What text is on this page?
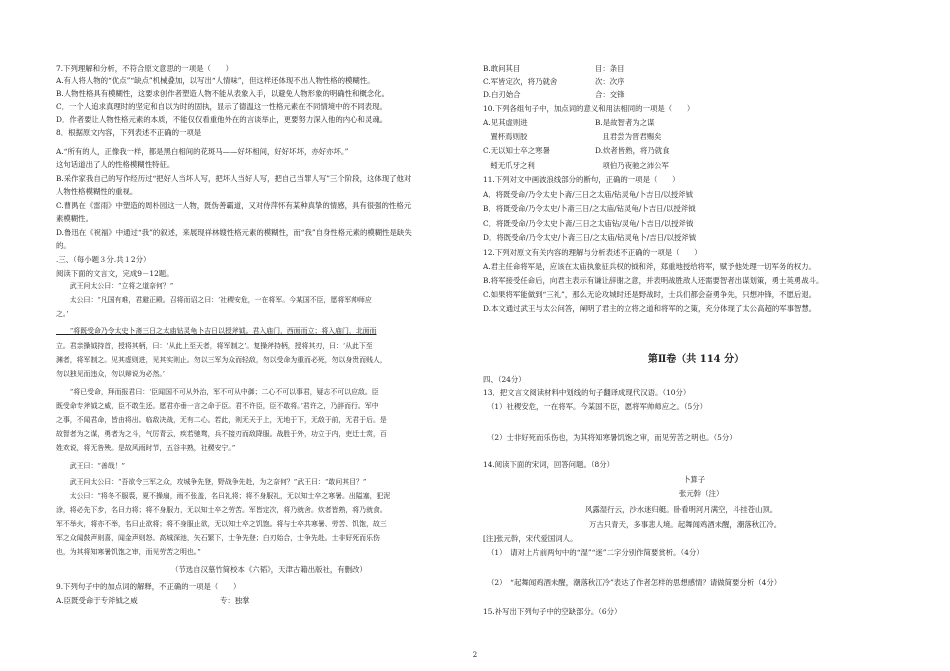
7.下列理解和分析，不符合原文意思的一项是（　　）
A.有人将人物的“优点”“缺点”机械叠加，以写出“人情味”，但这样还体现不出人物性格的模糊性。
B.人物性格具有模糊性，这要求创作者塑造人物不能从表象入手，以避免人物形象的明确性和概念化。
C．一个人追求真理时的坚定和自以为时的固执，显示了德温这一性格元素在不同情境中的不同表现。
D．作者要让人物性格元素的本质，不能仅仅看重他外在的言谈举止，更要努力深入他的内心和灵魂。
8．根据原文内容，下列表述不正确的一项是
A.“所有的人，正像我一样，都是黑白相间的花斑马——好坏相间，好好坏坏，亦好亦坏。”
这句话道出了人的性格模糊性特征。
B.采作家我自己的写作经历过“把好人当坏人写，把坏人当好人写，把自己当罪人写”三个阶段，这体现了他对
人物性格模糊性的重视。
C.曹禺在《雷雨》中塑造的周朴园这一人物，既伪善霸道，又对侍萍怀有某种真挚的情感，具有很强的性格元
素模糊性。
D.鲁迅在《祝福》中通过“我”的叙述，来展现祥林嫂性格元素的模糊性，而“我”自身性格元素的模糊性是缺失
的。
.三、（每小题３分.共１2分）
阅读下面的文言文，完成9－12题。
　　武王问太公曰：“立将之道奈何？”
　　太公曰：“凡国有难，君避正殿。召将而诏之曰：‘社稷安危，一在将军。今某国不臣，愿将军帅师应
之。’
　　“将既受命乃令太史卜斋三日之太庙钻灵龟卜吉日以授斧钺。君入庙门，西面而立；将入庙门，北面而
立。君亲操钺持首，授将其柄，曰：‘从此上至天者，将军制之’。复操斧持柄，授将其刃，曰：‘从此下至
渊者，将军制之。见其虚则进，见其实则止。勿以三军为众而轻敌，勿以受命为重而必死，勿以身贵而贱人，
勿以独见而违众，勿以辩说为必然。’
　　“将已受命，拜而报君曰：‘臣闻国不可从外治，军不可从中御；二心不可以事君，疑志不可以应敌。臣
既受命专斧钺之威，臣不敢生还。愿君亦垂一言之命于臣。君不许臣，臣不敢将。’君许之，乃辞而行。军中
之事，不闻君命，皆由将出。临敌决战，无有二心。若此，则无天于上，无地于下，无敌于前，无君于后。是
故智者为之谋，勇者为之斗，气厉青云，疾若驰骛，兵不接刃而敌降服。战胜于外，功立于内，吏迁士赏，百
姓欢说，将无咎殃。是故风雨时节，五谷丰熟，社稷安宁。”
　　武王曰：“善哉！”
　　武王问太公曰：“吾欲令三军之众，攻城争先登，野战争先赴，为之奈何？”武王曰：“敢问其目？”
　　太公曰：“将冬不服裘，夏不操扇，雨不张盖，名曰礼将；将不身服礼，无以知士卒之寒暑。出隘塞，犯泥
涂，将必先下步，名曰力将；将不身服力，无以知士卒之劳苦。军皆定次，将乃就舍。炊者皆熟，将乃就食。
军不举火，将亦不举，名曰止欲将；将不身服止欲，无以知士卒之饥饱。将与士卒共寒暑、劳苦、饥饱，故三
军之众闻鼓声则喜，闻金声则怒。高城深池，矢石繁下，士争先登；白刃始合，士争先赴。士非好死而乐伤
也，为其将知寒暑饥饱之审，而见劳苦之明也。”
（节选自汉墓竹简校本《六韬》，天津古籍出版社，有删改）
9.下列句子中的加点词的解释，不正确的一项是（　　）
A.臣既受命于专斧钺之威	专：独掌
B.敢问其目	目：条目
C.军皆定次，将乃就舍	次：次序
D.白刃始合	合：交锋
10.下列各组句子中，加点词的意义和用法相同的一项是（　　）
A.见其虚则进	B.是故智者为之谋
　置杯焉则胶	　且君尝为晋君赐矣
C.无以知士卒之寒暑	D.炊者皆熟，将乃就食
　蚓无爪牙之利	　项伯乃夜驰之沛公军
11.下列对文中画波浪线部分的断句，正确的一项是（　　）
A．将既受命/乃令太史卜斋/三日之太庙/钻灵龟/卜吉日/以授斧钺
B．将既受命/乃令太史/卜斋三日/之太庙/钻灵龟/卜吉日/以授斧钺
C．将既受命/乃令太史卜斋/三日之太庙钻/灵龟/卜吉日/以授斧钺
D．将既受命/乃令太史/卜斋三日/之太庙/钻灵龟卜/吉日/以授斧钺
12.下列对原文有关内容的理解与分析表述不正确的一项是（　　）
A.君主任命将军是，应该在太庙执象征兵权的钺和斧，郑重地授给将军，赋予他处理一切军务的权力。
B.将军接受任命后，向君主表示有谦让辞谢之意，并表明战胜敌人还需要智者出谋划策，勇士英勇战斗。
C.如果将军能做到“三礼”，那么无论攻城时还是野战时，士兵们都会奋勇争先，只想冲锋，不愿后退。
D.本文通过武王与太公问答，阐明了君主的立将之道和将军的之策，充分体现了太公高超的军事智慧。
第Ⅱ卷（共 114 分）
四、（24分）
13．把文言文阅读材料中划线的句子翻译成现代汉语。（10分）
（1）社稷安危，一在将军。今某国不臣，愿将军帅师应之。（5分）
（2）士非好死而乐伤也，为其将知寒暑饥饱之审，而见劳苦之明也。（5分）
14.阅读下面的宋词，回答问题。（8分）
卜算子
张元幹（注）
风露湿行云，沙水迷归艇。卧看明河月满空，斗挂苍山顶。
万古只青天，多事悲人境。起舞闻鸡酒未醒，潮落秋江冷。
[注]张元幹，宋代爱国词人。
（1）　请对上片前两句中的“湿”“迷”二字分别作简要赏析。（4分）
（2）　“起舞闻鸡酒未醒，潮落秋江冷”表达了作者怎样的思想感情？请做简要分析（4分）
15.补写出下列句子中的空缺部分。（6分）
2
